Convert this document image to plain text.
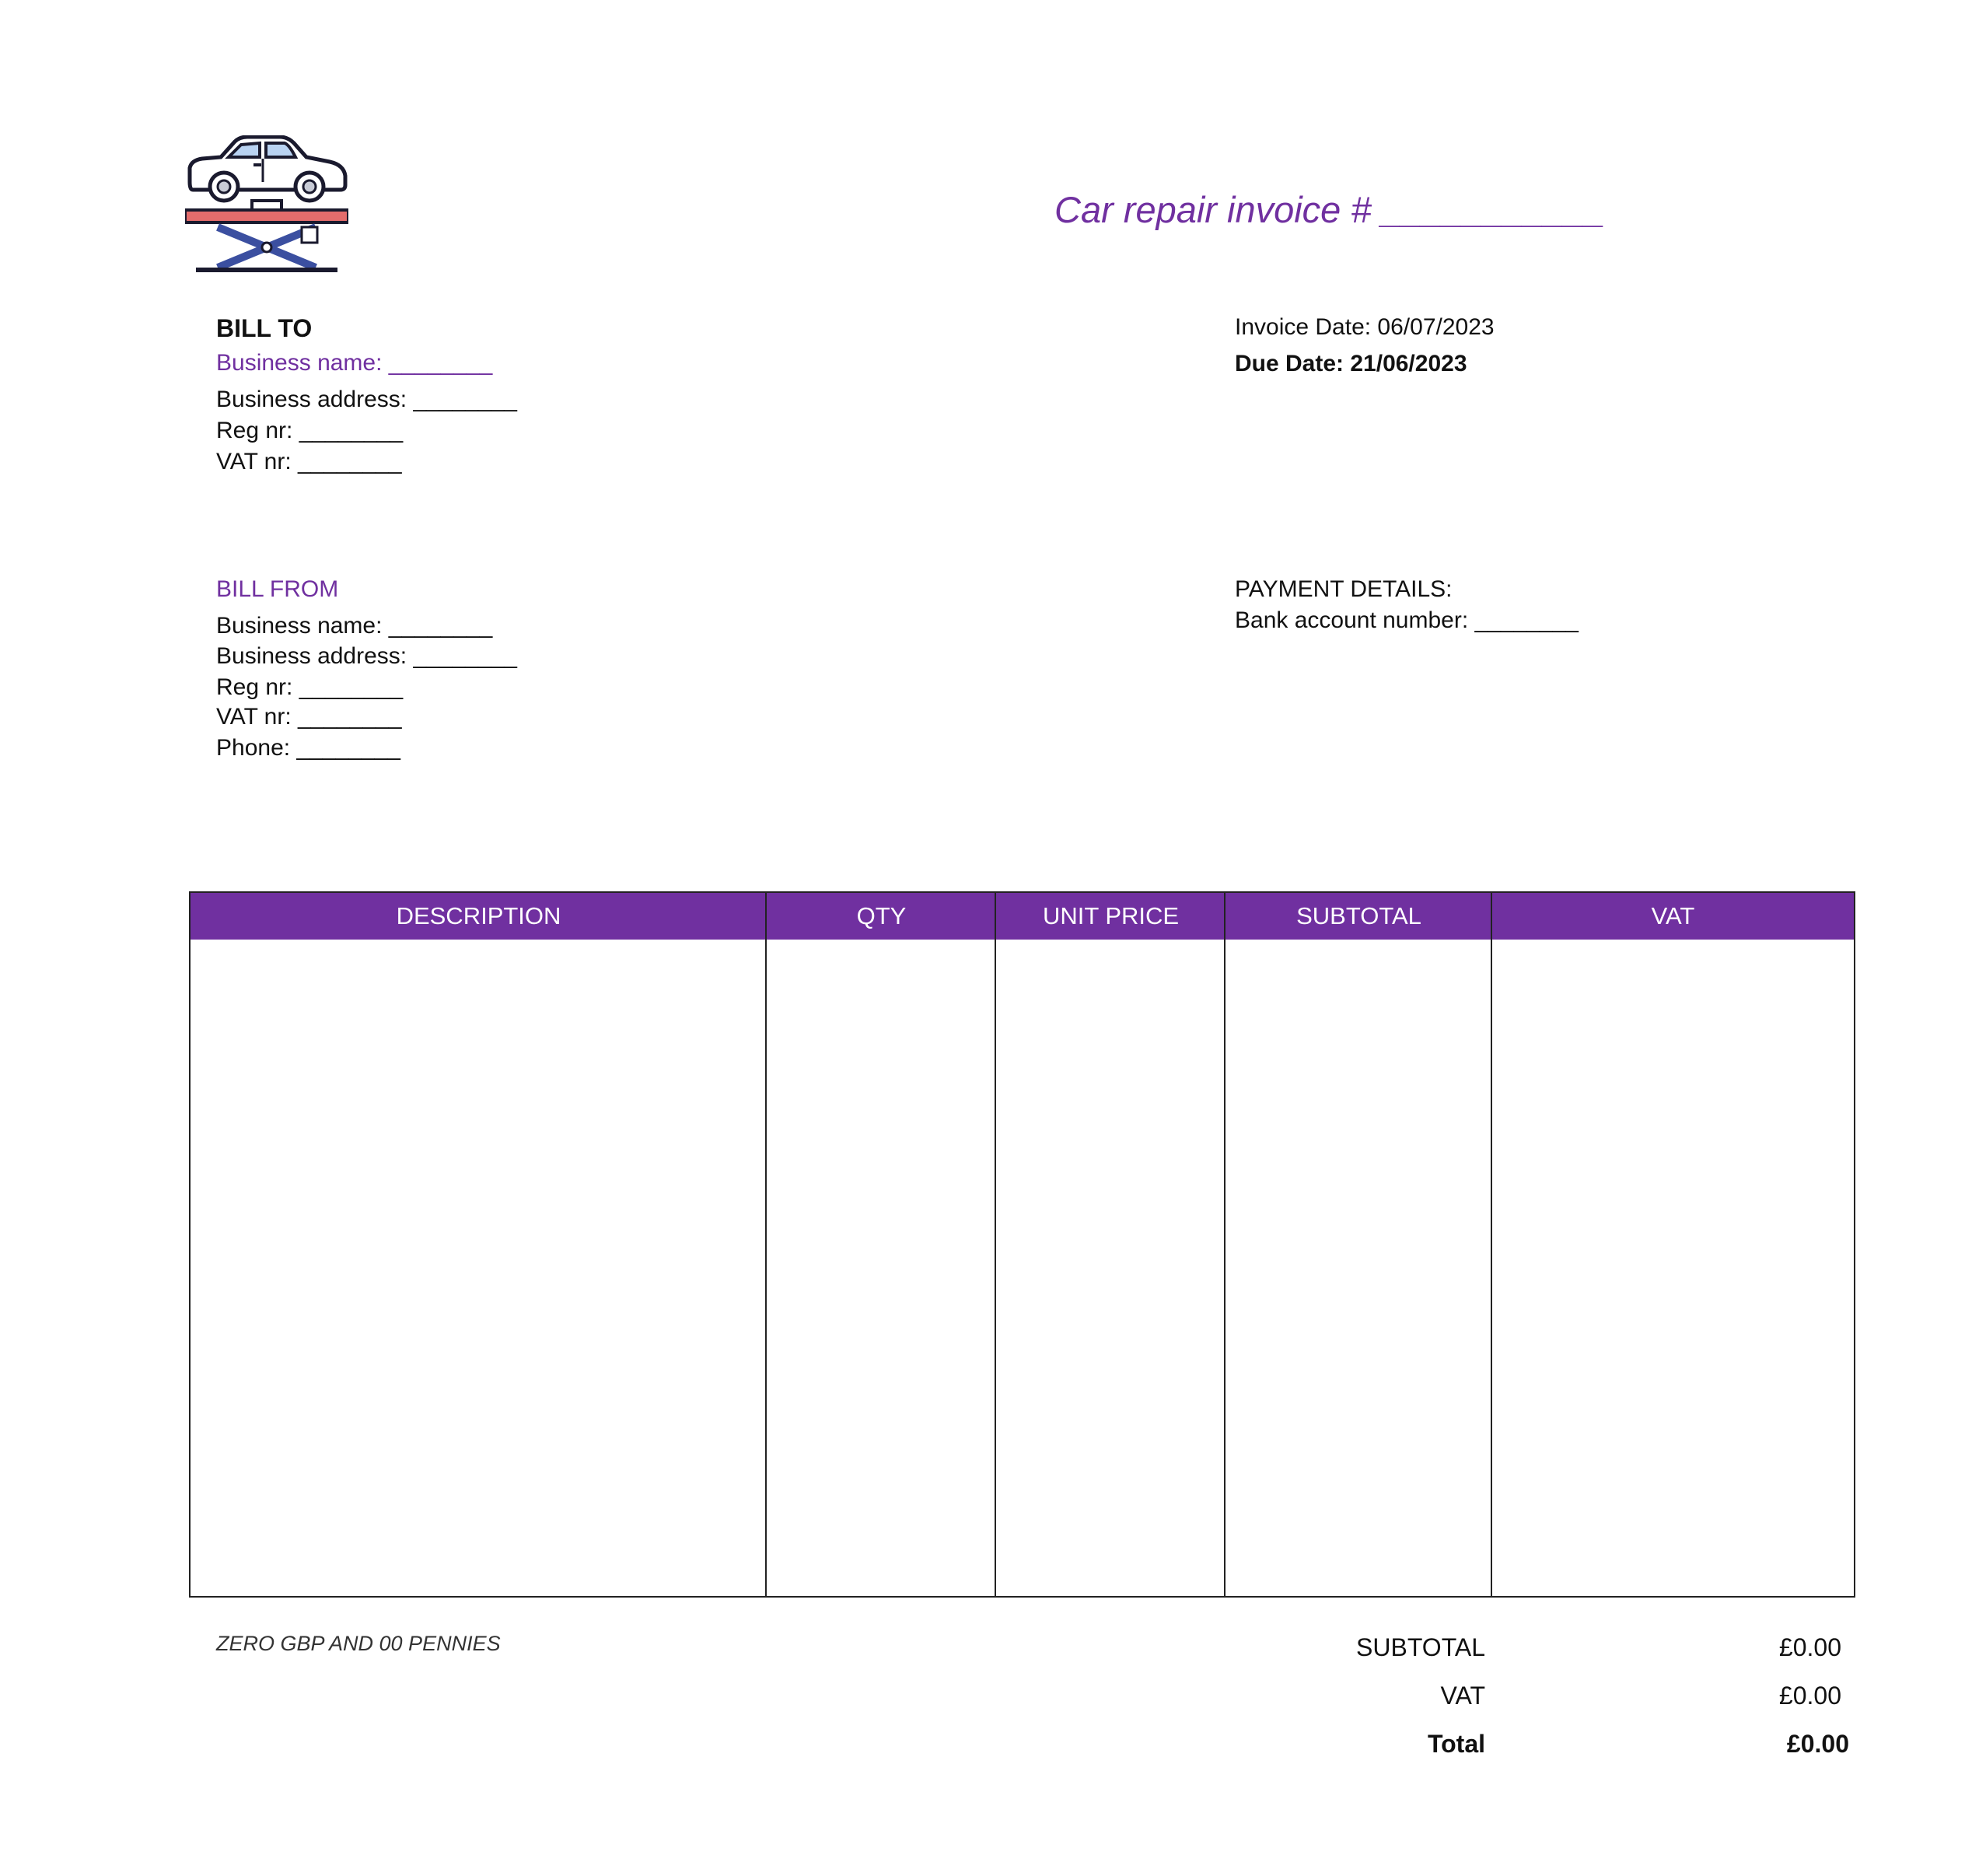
Car repair invoice # ___________
BILL TO
Business name: ________
Business address: ________
Reg nr: ________
VAT nr: ________
Invoice Date: 06/07/2023
Due Date: 21/06/2023
BILL FROM
Business name: ________
Business address: ________
Reg nr: ________
VAT nr: ________
Phone: ________
PAYMENT DETAILS:
Bank account number: ________
DESCRIPTION	QTY	UNIT PRICE	SUBTOTAL	VAT
ZERO GBP AND 00 PENNIES	SUBTOTAL	£0.00
VAT	£0.00
Total	£0.00
